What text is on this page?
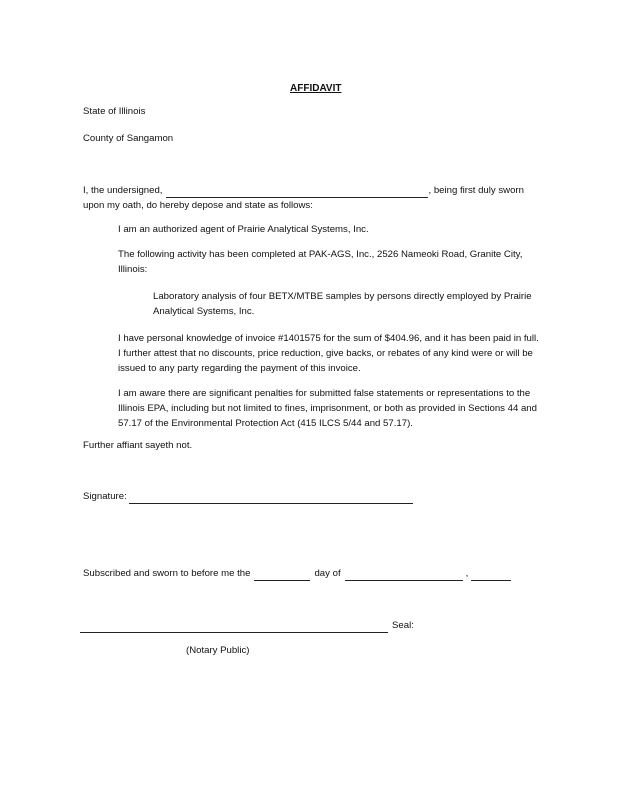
AFFIDAVIT

State of Illinois

County of Sangamon

I, the undersigned,	, being first duly sworn

upon my oath, do hereby depose and state as follows:

I am an authorized agent of Prairie Analytical Systems, Inc.

The following activity has been completed at PAK-AGS, Inc., 2526 Nameoki Road, Granite City, Illinois:

Laboratory analysis of four BETX/MTBE samples by persons directly employed by Prairie Analytical Systems, Inc.

I have personal knowledge of invoice #1401575 for the sum of $404.96, and it has been paid in full. I further attest that no discounts, price reduction, give backs, or rebates of any kind were or will be issued to any party regarding the payment of this invoice.

I am aware there are significant penalties for submitted false statements or representations to the Illinois EPA, including but not limited to fines, imprisonment, or both as provided in Sections 44 and 57.17 of the Environmental Protection Act (415 ILCS 5/44 and 57.17).

Further affiant sayeth not.

Signature:
Subscribed and sworn to before me the	day of	,
Seal:

(Notary Public)
